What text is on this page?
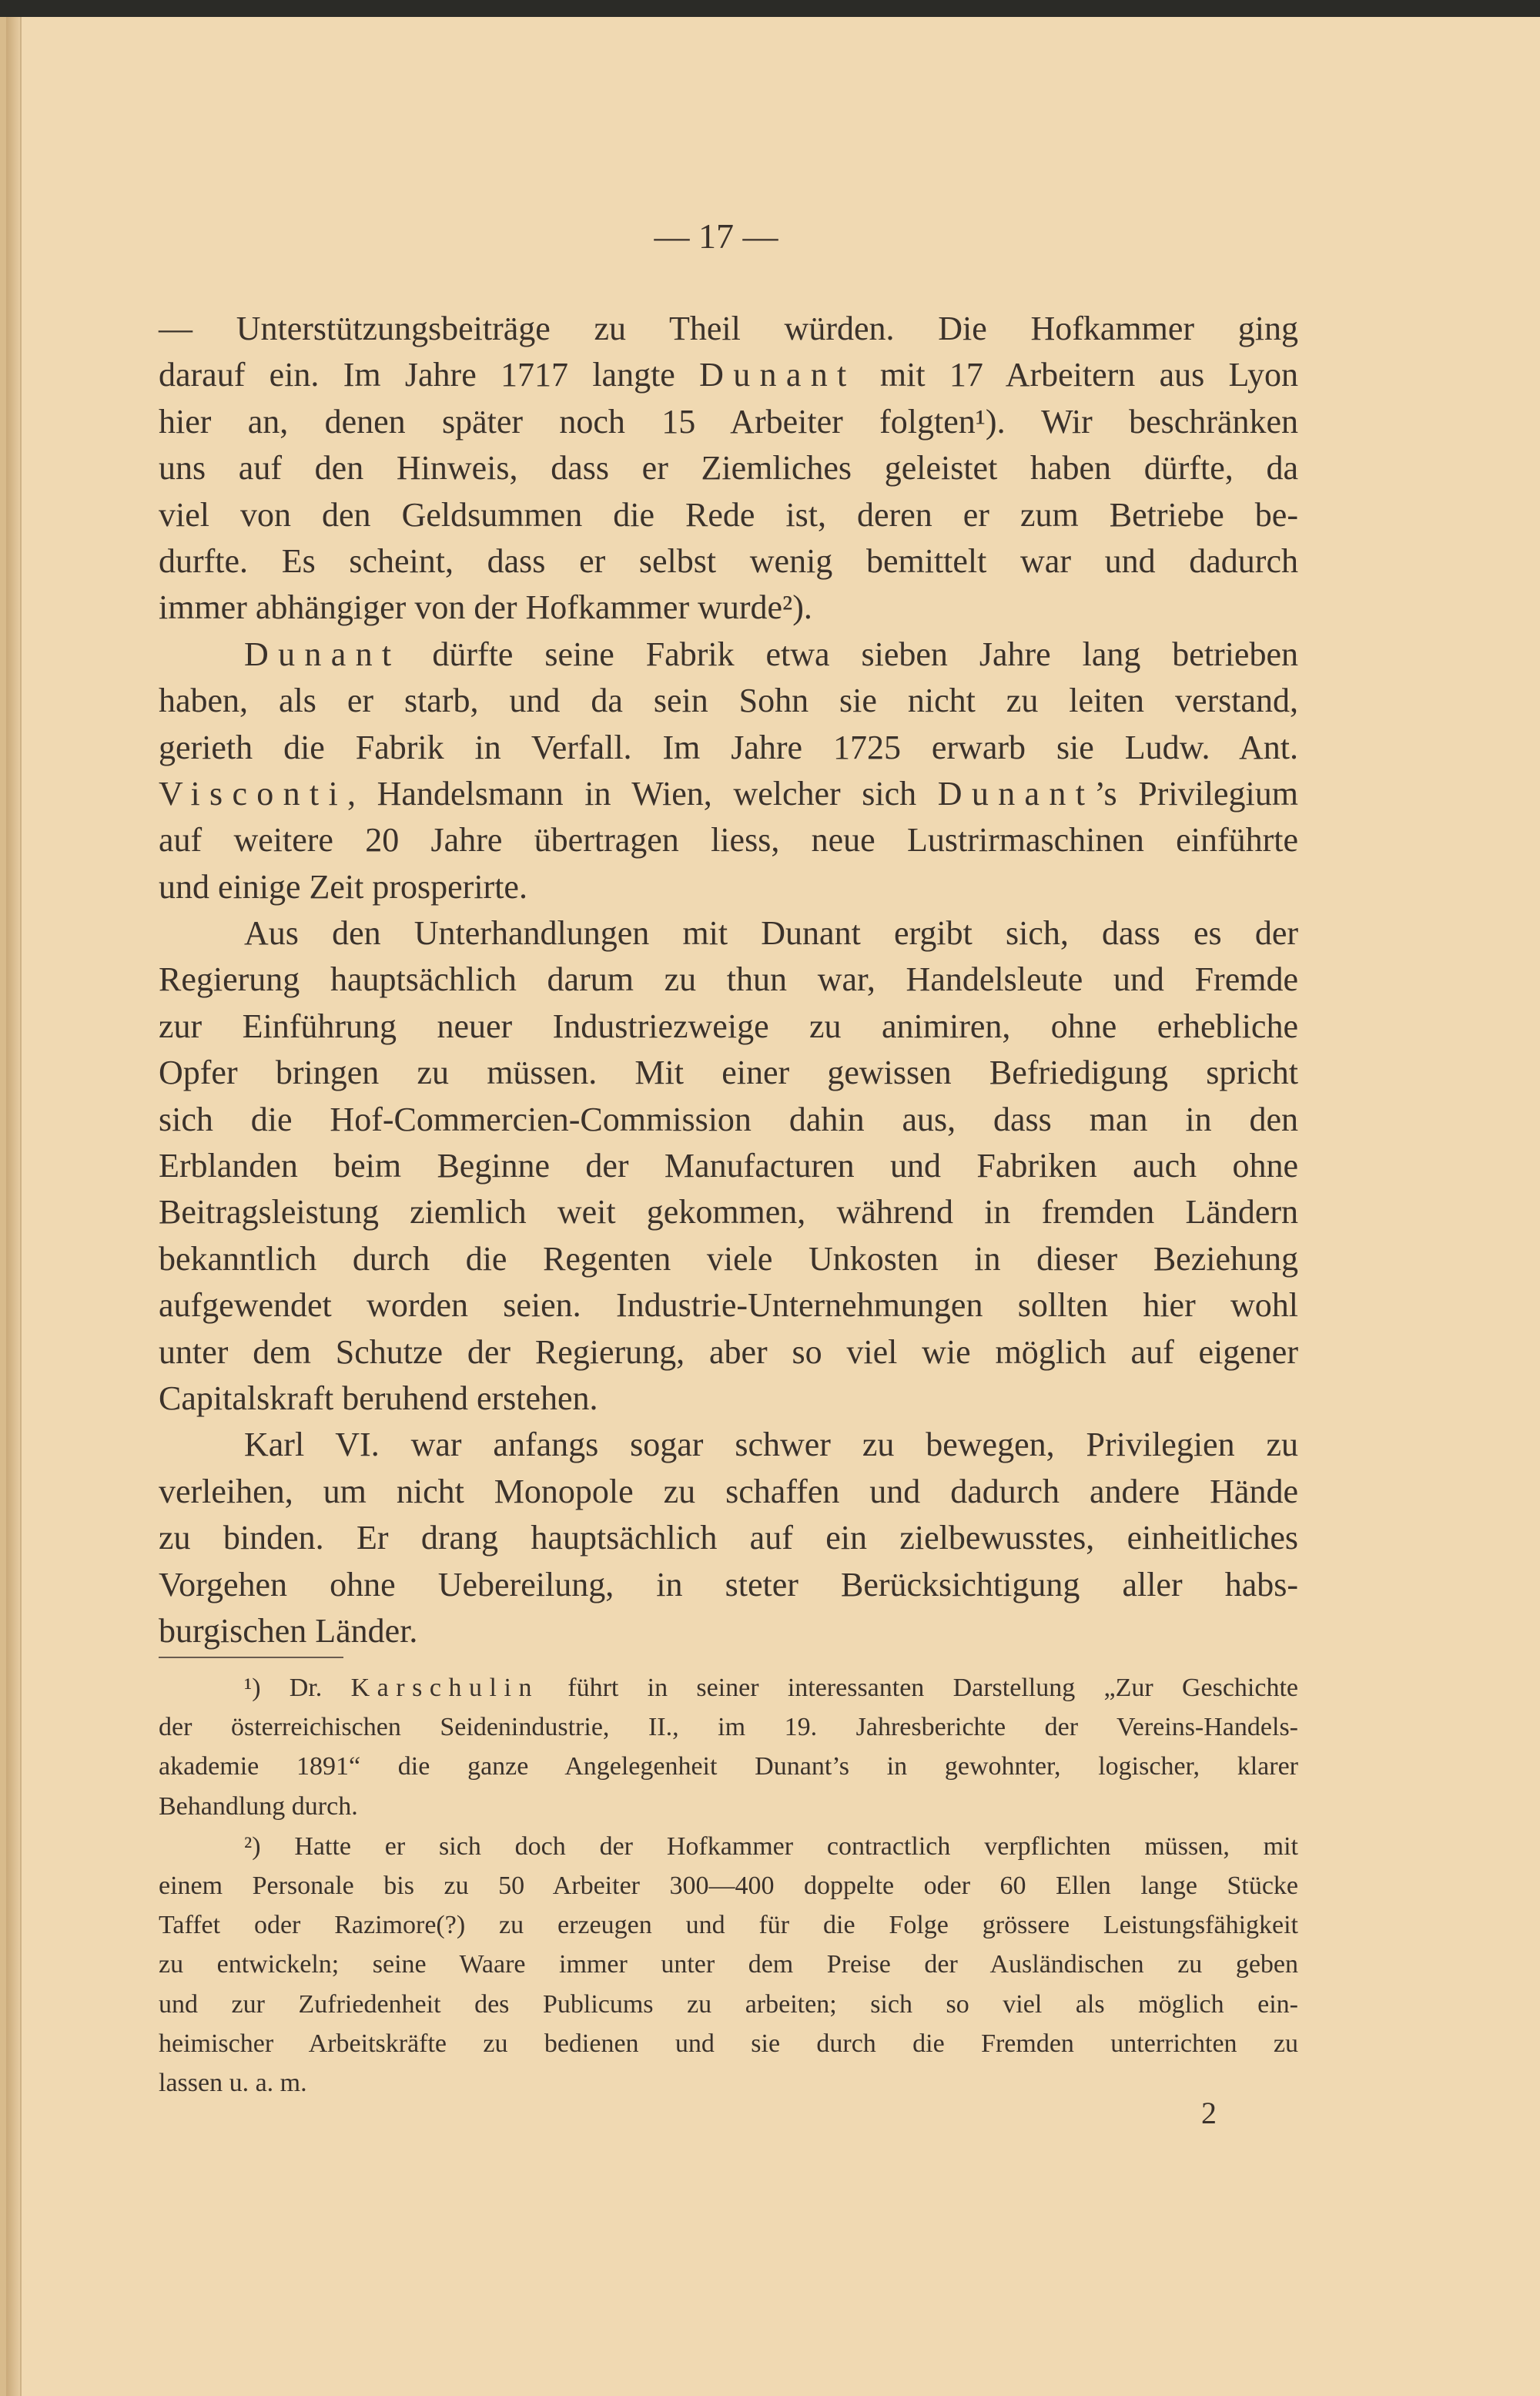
— 17 —
— Unterstützungsbeiträge zu Theil würden. Die Hofkammer ging
darauf ein. Im Jahre 1717 langte Dunant mit 17 Arbeitern aus Lyon
hier an, denen später noch 15 Arbeiter folgten¹). Wir beschränken
uns auf den Hinweis, dass er Ziemliches geleistet haben dürfte, da
viel von den Geldsummen die Rede ist, deren er zum Betriebe be-
durfte. Es scheint, dass er selbst wenig bemittelt war und dadurch
immer abhängiger von der Hofkammer wurde²).
Dunant dürfte seine Fabrik etwa sieben Jahre lang betrieben
haben, als er starb, und da sein Sohn sie nicht zu leiten verstand,
gerieth die Fabrik in Verfall. Im Jahre 1725 erwarb sie Ludw. Ant.
Visconti, Handelsmann in Wien, welcher sich Dunant’s Privilegium
auf weitere 20 Jahre übertragen liess, neue Lustrirmaschinen einführte
und einige Zeit prosperirte.
Aus den Unterhandlungen mit Dunant ergibt sich, dass es der
Regierung hauptsächlich darum zu thun war, Handelsleute und Fremde
zur Einführung neuer Industriezweige zu animiren, ohne erhebliche
Opfer bringen zu müssen. Mit einer gewissen Befriedigung spricht
sich die Hof-Commercien-Commission dahin aus, dass man in den
Erblanden beim Beginne der Manufacturen und Fabriken auch ohne
Beitragsleistung ziemlich weit gekommen, während in fremden Ländern
bekanntlich durch die Regenten viele Unkosten in dieser Beziehung
aufgewendet worden seien. Industrie-Unternehmungen sollten hier wohl
unter dem Schutze der Regierung, aber so viel wie möglich auf eigener
Capitalskraft beruhend erstehen.
Karl VI. war anfangs sogar schwer zu bewegen, Privilegien zu
verleihen, um nicht Monopole zu schaffen und dadurch andere Hände
zu binden. Er drang hauptsächlich auf ein zielbewusstes, einheitliches
Vorgehen ohne Uebereilung, in steter Berücksichtigung aller habs-
burgischen Länder.
¹) Dr. Karschulin führt in seiner interessanten Darstellung „Zur Geschichte
der österreichischen Seidenindustrie, II., im 19. Jahresberichte der Vereins-Handels-
akademie 1891“ die ganze Angelegenheit Dunant’s in gewohnter, logischer, klarer
Behandlung durch.
²) Hatte er sich doch der Hofkammer contractlich verpflichten müssen, mit
einem Personale bis zu 50 Arbeiter 300—400 doppelte oder 60 Ellen lange Stücke
Taffet oder Razimore(?) zu erzeugen und für die Folge grössere Leistungsfähigkeit
zu entwickeln; seine Waare immer unter dem Preise der Ausländischen zu geben
und zur Zufriedenheit des Publicums zu arbeiten; sich so viel als möglich ein-
heimischer Arbeitskräfte zu bedienen und sie durch die Fremden unterrichten zu
lassen u. a. m.
2
